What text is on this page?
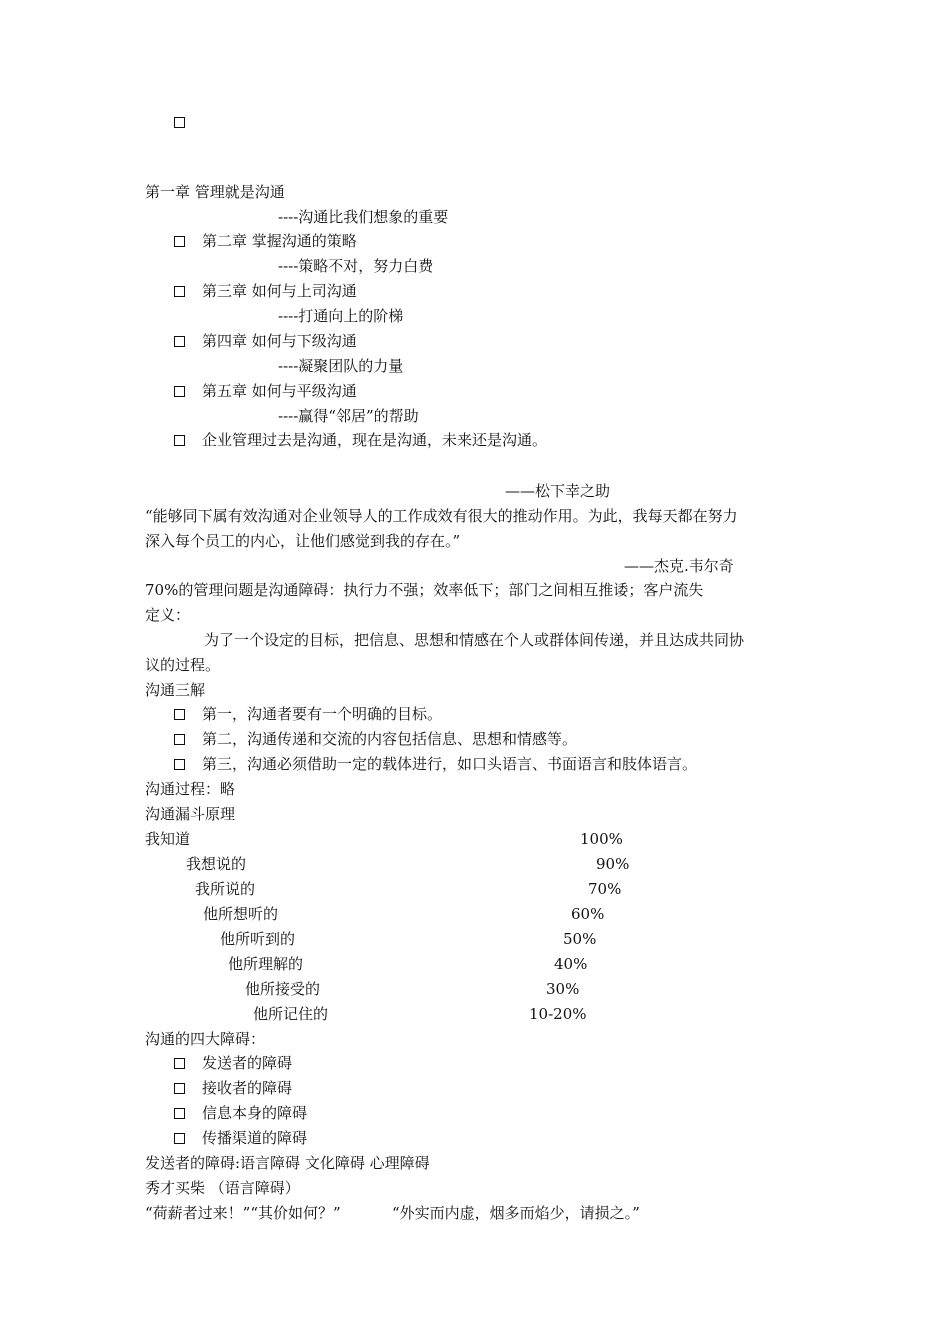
第一章 管理就是沟通
----沟通比我们想象的重要
第二章 掌握沟通的策略
----策略不对，努力白费
第三章 如何与上司沟通
----打通向上的阶梯
第四章 如何与下级沟通
----凝聚团队的力量
第五章 如何与平级沟通
----赢得“邻居”的帮助
企业管理过去是沟通，现在是沟通，未来还是沟通。
——松下幸之助
“能够同下属有效沟通对企业领导人的工作成效有很大的推动作用。为此，我每天都在努力
深入每个员工的内心，让他们感觉到我的存在。”
——杰克.韦尔奇
70%的管理问题是沟通障碍：执行力不强；效率低下；部门之间相互推诿；客户流失
定义：
为了一个设定的目标，把信息、思想和情感在个人或群体间传递，并且达成共同协
议的过程。
沟通三解
第一，沟通者要有一个明确的目标。
第二，沟通传递和交流的内容包括信息、思想和情感等。
第三，沟通必须借助一定的载体进行，如口头语言、书面语言和肢体语言。
沟通过程：略
沟通漏斗原理
我知道	100%
我想说的	90%
我所说的	70%
他所想听的	60%
他所听到的	50%
他所理解的	40%
他所接受的	30%
他所记住的	10-20%
沟通的四大障碍：
发送者的障碍
接收者的障碍
信息本身的障碍
传播渠道的障碍
发送者的障碍:语言障碍 文化障碍 心理障碍
秀才买柴 （语言障碍）
“荷薪者过来！”“其价如何？”	“外实而内虚，烟多而焰少，请损之。”
